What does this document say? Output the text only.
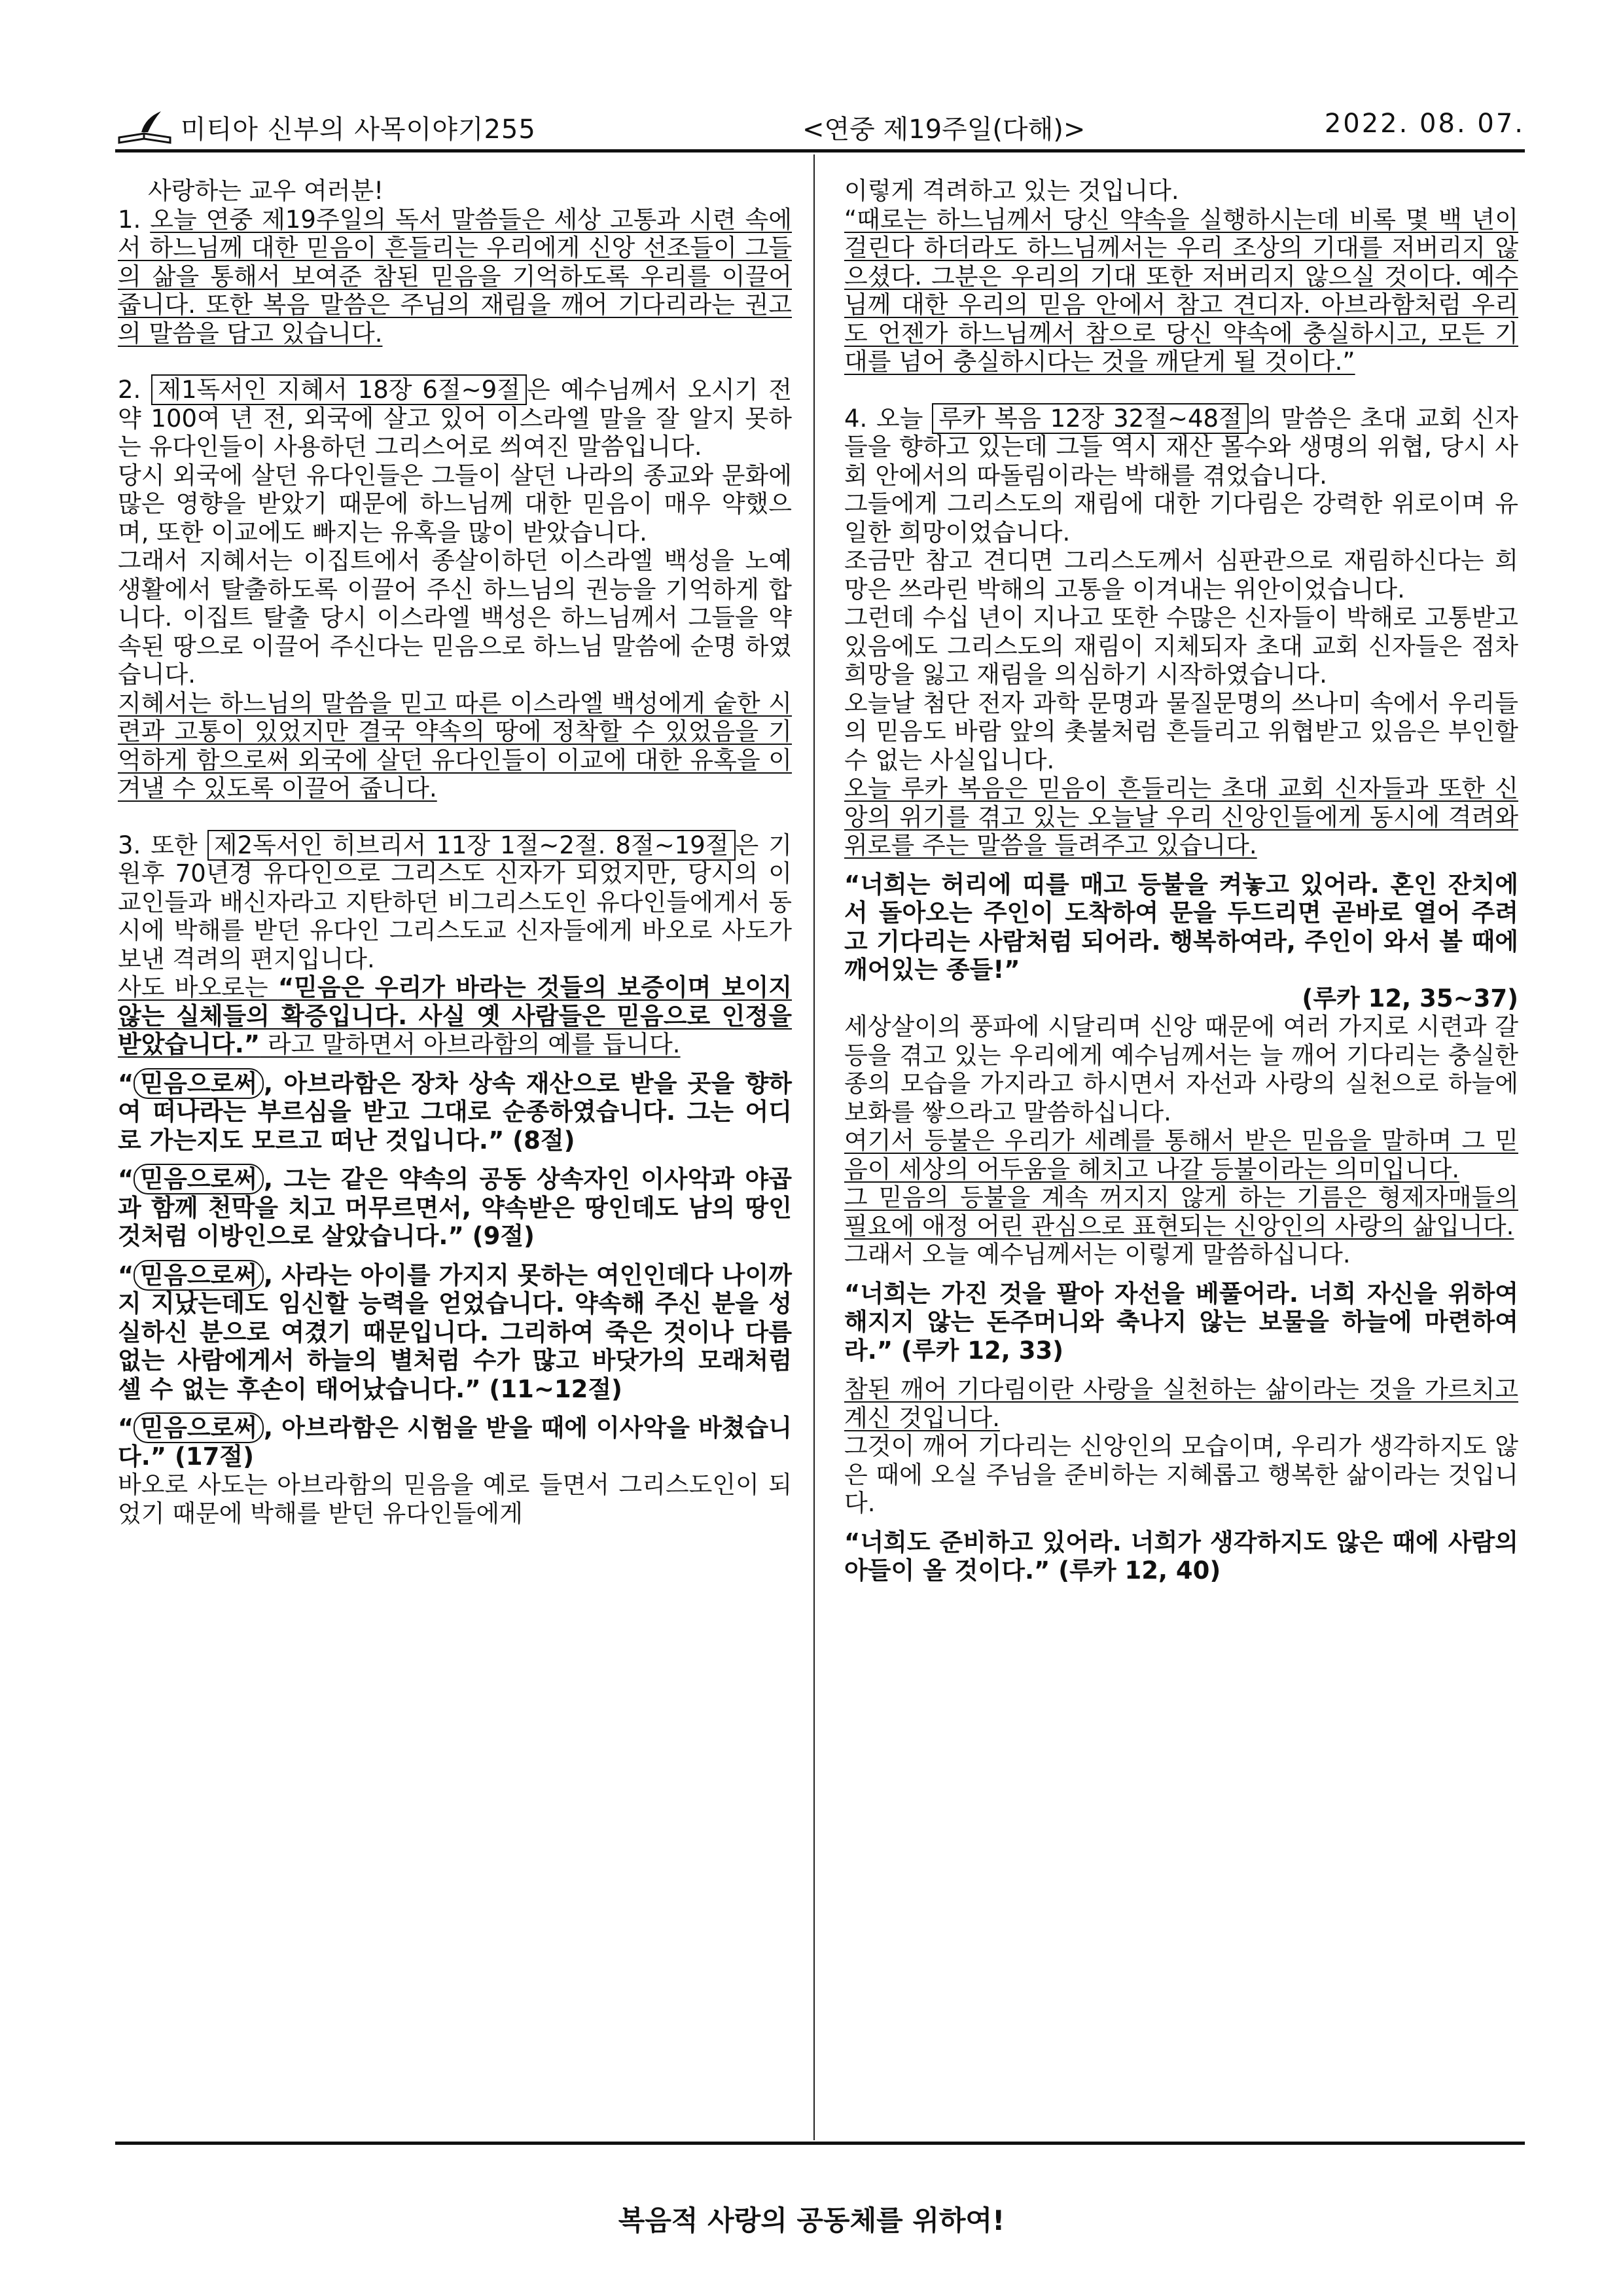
미티아 신부의 사목이야기255	<연중 제19주일(다해)>	2022. 08. 07.

사랑하는 교우 여러분!

1. 오늘 연중 제19주일의 독서 말씀들은 세상 고통과 시련 속에서 하느님께 대한 믿음이 흔들리는 우리에게 신앙 선조들이 그들의 삶을 통해서 보여준 참된 믿음을 기억하도록 우리를 이끌어 줍니다. 또한 복음 말씀은 주님의 재림을 깨어 기다리라는 권고의 말씀을 담고 있습니다.

2. 제1독서인 지혜서 18장 6절~9절 은 예수님께서 오시기 전 약 100여 년 전, 외국에 살고 있어 이스라엘 말을 잘 알지 못하는 유다인들이 사용하던 그리스어로 씌여진 말씀입니다.

당시 외국에 살던 유다인들은 그들이 살던 나라의 종교와 문화에 많은 영향을 받았기 때문에 하느님께 대한 믿음이 매우 약했으며, 또한 이교에도 빠지는 유혹을 많이 받았습니다.

그래서 지혜서는 이집트에서 종살이하던 이스라엘 백성을 노예 생활에서 탈출하도록 이끌어 주신 하느님의 권능을 기억하게 합니다. 이집트 탈출 당시 이스라엘 백성은 하느님께서 그들을 약속된 땅으로 이끌어 주신다는 믿음으로 하느님 말씀에 순명 하였습니다.

지혜서는 하느님의 말씀을 믿고 따른 이스라엘 백성에게 숱한 시련과 고통이 있었지만 결국 약속의 땅에 정착할 수 있었음을 기억하게 함으로써 외국에 살던 유다인들이 이교에 대한 유혹을 이겨낼 수 있도록 이끌어 줍니다.

3. 또한 제2독서인 히브리서 11장 1절~2절. 8절~19절 은 기원후 70년경 유다인으로 그리스도 신자가 되었지만, 당시의 이교인들과 배신자라고 지탄하던 비그리스도인 유다인들에게서 동시에 박해를 받던 유다인 그리스도교 신자들에게 바오로 사도가 보낸 격려의 편지입니다.

사도 바오로는 “믿음은 우리가 바라는 것들의 보증이며 보이지 않는 실체들의 확증입니다. 사실 옛 사람들은 믿음으로 인정을 받았습니다.” 라고 말하면서 아브라함의 예를 듭니다.

“ 믿음으로써 , 아브라함은 장차 상속 재산으로 받을 곳을 향하여 떠나라는 부르심을 받고 그대로 순종하였습니다. 그는 어디로 가는지도 모르고 떠난 것입니다.” (8절)

“ 믿음으로써 , 그는 같은 약속의 공동 상속자인 이사악과 야곱과 함께 천막을 치고 머무르면서, 약속받은 땅인데도 남의 땅인 것처럼 이방인으로 살았습니다.” (9절)

“ 믿음으로써 , 사라는 아이를 가지지 못하는 여인인데다 나이까지 지났는데도 임신할 능력을 얻었습니다. 약속해 주신 분을 성실하신 분으로 여겼기 때문입니다. 그리하여 죽은 것이나 다름없는 사람에게서 하늘의 별처럼 수가 많고 바닷가의 모래처럼 셀 수 없는 후손이 태어났습니다.” (11~12절)

“ 믿음으로써 , 아브라함은 시험을 받을 때에 이사악을 바쳤습니다.” (17절)

바오로 사도는 아브라함의 믿음을 예로 들면서 그리스도인이 되었기 때문에 박해를 받던 유다인들에게

이렇게 격려하고 있는 것입니다.

“때로는 하느님께서 당신 약속을 실행하시는데 비록 몇 백 년이 걸린다 하더라도 하느님께서는 우리 조상의 기대를 저버리지 않으셨다. 그분은 우리의 기대 또한 저버리지 않으실 것이다. 예수님께 대한 우리의 믿음 안에서 참고 견디자. 아브라함처럼 우리도 언젠가 하느님께서 참으로 당신 약속에 충실하시고, 모든 기대를 넘어 충실하시다는 것을 깨닫게 될 것이다.”

4. 오늘 루카 복음 12장 32절~48절 의 말씀은 초대 교회 신자들을 향하고 있는데 그들 역시 재산 몰수와 생명의 위협, 당시 사회 안에서의 따돌림이라는 박해를 겪었습니다.

그들에게 그리스도의 재림에 대한 기다림은 강력한 위로이며 유일한 희망이었습니다.

조금만 참고 견디면 그리스도께서 심판관으로 재림하신다는 희망은 쓰라린 박해의 고통을 이겨내는 위안이었습니다.

그런데 수십 년이 지나고 또한 수많은 신자들이 박해로 고통받고 있음에도 그리스도의 재림이 지체되자 초대 교회 신자들은 점차 희망을 잃고 재림을 의심하기 시작하였습니다.

오늘날 첨단 전자 과학 문명과 물질문명의 쓰나미 속에서 우리들의 믿음도 바람 앞의 촛불처럼 흔들리고 위협받고 있음은 부인할 수 없는 사실입니다.

오늘 루카 복음은 믿음이 흔들리는 초대 교회 신자들과 또한 신앙의 위기를 겪고 있는 오늘날 우리 신앙인들에게 동시에 격려와 위로를 주는 말씀을 들려주고 있습니다.

“너희는 허리에 띠를 매고 등불을 켜놓고 있어라. 혼인 잔치에서 돌아오는 주인이 도착하여 문을 두드리면 곧바로 열어 주려고 기다리는 사람처럼 되어라. 행복하여라, 주인이 와서 볼 때에 깨어있는 종들!”

(루카 12, 35~37)

세상살이의 풍파에 시달리며 신앙 때문에 여러 가지로 시련과 갈등을 겪고 있는 우리에게 예수님께서는 늘 깨어 기다리는 충실한 종의 모습을 가지라고 하시면서 자선과 사랑의 실천으로 하늘에 보화를 쌓으라고 말씀하십니다.

여기서 등불은 우리가 세례를 통해서 받은 믿음을 말하며 그 믿음이 세상의 어두움을 헤치고 나갈 등불이라는 의미입니다.

그 믿음의 등불을 계속 꺼지지 않게 하는 기름은 형제자매들의 필요에 애정 어린 관심으로 표현되는 신앙인의 사랑의 삶입니다.

그래서 오늘 예수님께서는 이렇게 말씀하십니다.

“너희는 가진 것을 팔아 자선을 베풀어라. 너희 자신을 위하여 해지지 않는 돈주머니와 축나지 않는 보물을 하늘에 마련하여라.” (루카 12, 33)

참된 깨어 기다림이란 사랑을 실천하는 삶이라는 것을 가르치고 계신 것입니다.

그것이 깨어 기다리는 신앙인의 모습이며, 우리가 생각하지도 않은 때에 오실 주님을 준비하는 지혜롭고 행복한 삶이라는 것입니다.

“너희도 준비하고 있어라. 너희가 생각하지도 않은 때에 사람의 아들이 올 것이다.” (루카 12, 40)

복음적 사랑의 공동체를 위하여!
